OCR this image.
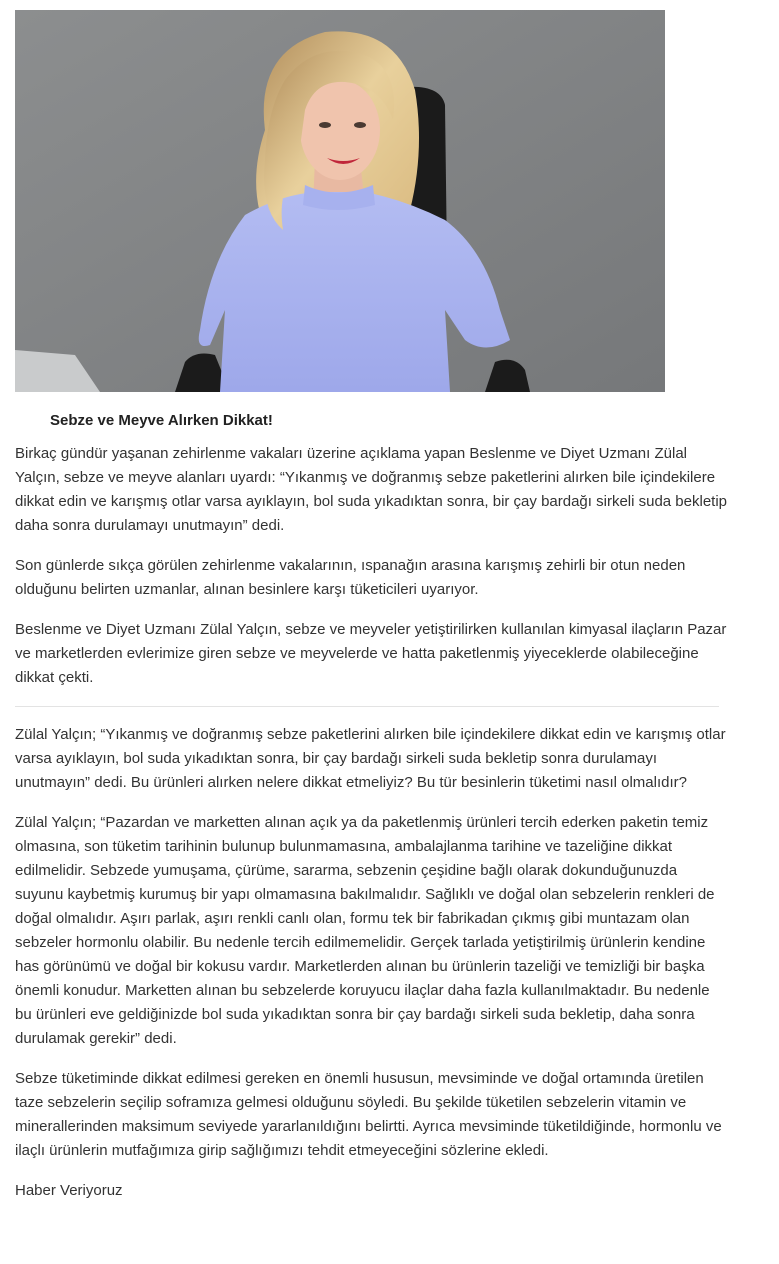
Sebze ve Meyve Alırken Dikkat!

Birkaç gündür yaşanan zehirlenme vakaları üzerine açıklama yapan Beslenme ve Diyet Uzmanı Zülal Yalçın, sebze ve meyve alanları uyardı: “Yıkanmış ve doğranmış sebze paketlerini alırken bile içindekilere dikkat edin ve karışmış otlar varsa ayıklayın, bol suda yıkadıktan sonra, bir çay bardağı sirkeli suda bekletip daha sonra durulamayı unutmayın” dedi.

Son günlerde sıkça görülen zehirlenme vakalarının, ıspanağın arasına karışmış zehirli bir otun neden olduğunu belirten uzmanlar, alınan besinlere karşı tüketicileri uyarıyor.

Beslenme ve Diyet Uzmanı Zülal Yalçın, sebze ve meyveler yetiştirilirken kullanılan kimyasal ilaçların Pazar ve marketlerden evlerimize giren sebze ve meyvelerde ve hatta paketlenmiş yiyeceklerde olabileceğine dikkat çekti.

Zülal Yalçın; “Yıkanmış ve doğranmış sebze paketlerini alırken bile içindekilere dikkat edin ve karışmış otlar varsa ayıklayın, bol suda yıkadıktan sonra, bir çay bardağı sirkeli suda bekletip sonra durulamayı unutmayın” dedi. Bu ürünleri alırken nelere dikkat etmeliyiz? Bu tür besinlerin tüketimi nasıl olmalıdır?

Zülal Yalçın; “Pazardan ve marketten alınan açık ya da paketlenmiş ürünleri tercih ederken paketin temiz olmasına, son tüketim tarihinin bulunup bulunmamasına, ambalajlanma tarihine ve tazeliğine dikkat edilmelidir. Sebzede yumuşama, çürüme, sararma, sebzenin çeşidine bağlı olarak dokunduğunuzda suyunu kaybetmiş kurumuş bir yapı olmamasına bakılmalıdır. Sağlıklı ve doğal olan sebzelerin renkleri de doğal olmalıdır. Aşırı parlak, aşırı renkli canlı olan, formu tek bir fabrikadan çıkmış gibi muntazam olan sebzeler hormonlu olabilir. Bu nedenle tercih edilmemelidir. Gerçek tarlada yetiştirilmiş ürünlerin kendine has görünümü ve doğal bir kokusu vardır. Marketlerden alınan bu ürünlerin tazeliği ve temizliği bir başka önemli konudur. Marketten alınan bu sebzelerde koruyucu ilaçlar daha fazla kullanılmaktadır. Bu nedenle bu ürünleri eve geldiğinizde bol suda yıkadıktan sonra bir çay bardağı sirkeli suda bekletip, daha sonra durulamak gerekir” dedi.

Sebze tüketiminde dikkat edilmesi gereken en önemli hususun, mevsiminde ve doğal ortamında üretilen taze sebzelerin seçilip soframıza gelmesi olduğunu söyledi. Bu şekilde tüketilen sebzelerin vitamin ve minerallerinden maksimum seviyede yararlanıldığını belirtti. Ayrıca mevsiminde tüketildiğinde, hormonlu ve ilaçlı ürünlerin mutfağımıza girip sağlığımızı tehdit etmeyeceğini sözlerine ekledi.

Haber Veriyoruz
